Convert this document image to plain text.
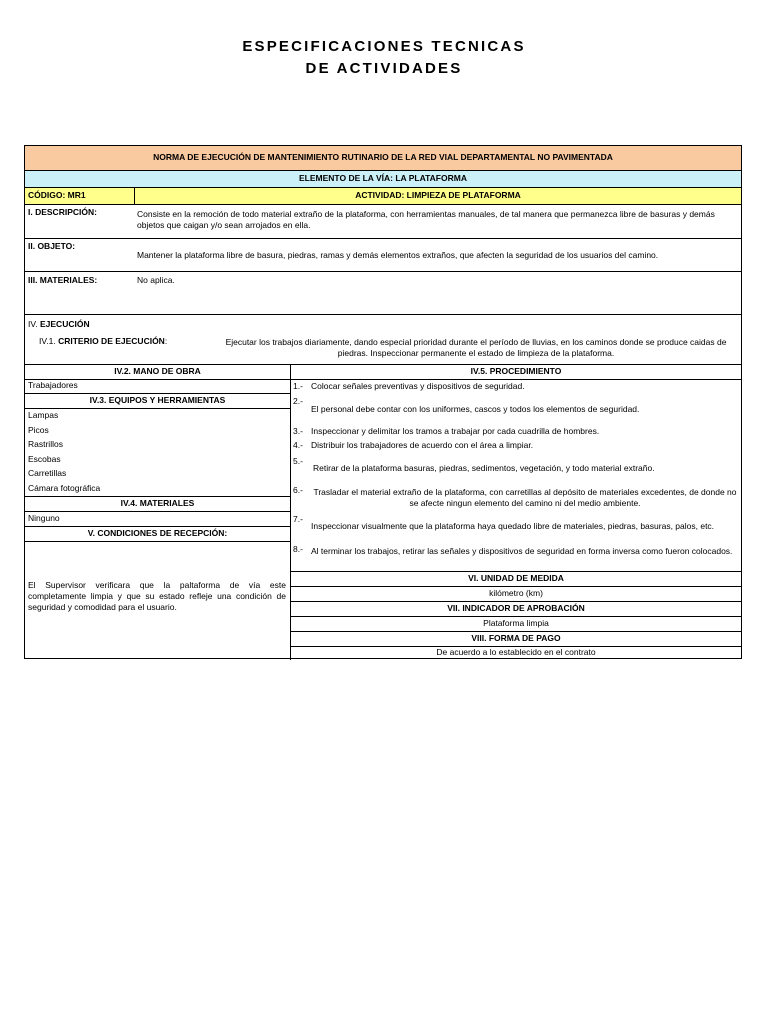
ESPECIFICACIONES TECNICAS
DE ACTIVIDADES
NORMA DE EJECUCIÓN DE MANTENIMIENTO RUTINARIO DE LA RED VIAL DEPARTAMENTAL NO PAVIMENTADA
ELEMENTO DE LA VÍA: LA PLATAFORMA
CÓDIGO: MR1	ACTIVIDAD: LIMPIEZA DE PLATAFORMA
I. DESCRIPCIÓN:	Consiste en la remoción de todo material extraño de la plataforma, con herramientas manuales, de tal manera que permanezca libre de basuras y demás objetos que caigan y/o sean arrojados en ella.
II. OBJETO:
Mantener la plataforma libre de basura, piedras, ramas y demás elementos extraños, que afecten la seguridad de los usuarios del camino.
III. MATERIALES:	No aplica.
IV. EJECUCIÓN
IV.1. CRITERIO DE EJECUCIÓN:	Ejecutar los trabajos diariamente, dando especial prioridad durante el período de lluvias, en los caminos donde se produce caidas de piedras. Inspeccionar permanente el estado de limpieza de la plataforma.
IV.2. MANO DE OBRA
Trabajadores
IV.3. EQUIPOS Y HERRAMIENTAS
Lampas
Picos
Rastrillos
Escobas
Carretillas
Cámara fotográfica
IV.4. MATERIALES
Ninguno
V. CONDICIONES DE RECEPCIÓN:
El Supervisor verificara que la paltaforma de vía este completamente limpia y que su estado refleje una condición de seguridad y comodidad para el usuario.
IV.5. PROCEDIMIENTO
1.- Colocar señales preventivas y dispositivos de seguridad.
2.-
El personal debe contar con los uniformes, cascos y todos los elementos de seguridad.
3.- Inspeccionar y delimitar los tramos a trabajar por cada cuadrilla de hombres.
4.- Distribuir los trabajadores de acuerdo con el área a limpiar.
5.-
Retirar de la plataforma basuras, piedras, sedimentos, vegetación, y todo material extraño.
6.- Trasladar el material extraño de la plataforma, con carretillas al depósito de materiales excedentes, de donde no se afecte ningun elemento del camino ni del medio ambiente.
7.-
Inspeccionar visualmente que la plataforma haya quedado libre de materiales, piedras, basuras, palos, etc.
8.- Al terminar los trabajos, retirar las señales y dispositivos de seguridad en forma inversa como fueron colocados.
VI. UNIDAD DE MEDIDA
kilómetro (km)
VII. INDICADOR DE APROBACIÓN
Plataforma limpia
VIII. FORMA DE PAGO
De acuerdo a lo establecido en el contrato
